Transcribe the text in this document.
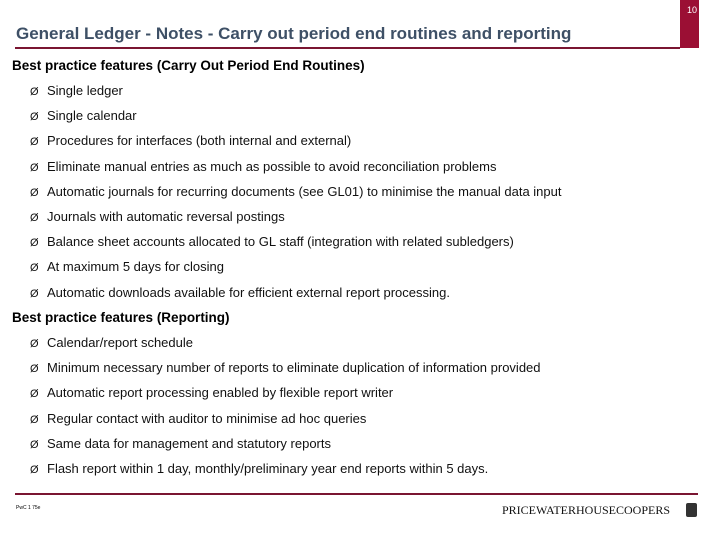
10
General Ledger - Notes - Carry out period end routines and reporting
Best practice features (Carry Out Period End Routines)
Ø Single ledger
Ø Single calendar
Ø Procedures for interfaces (both internal and external)
Ø Eliminate manual entries as much as possible to avoid reconciliation problems
Ø Automatic journals for recurring documents (see GL01) to minimise the manual data input
Ø Journals with automatic reversal postings
Ø Balance sheet accounts allocated to GL staff (integration with related subledgers)
Ø At maximum 5 days for closing
Ø Automatic downloads available for efficient external report processing.
Best practice features (Reporting)
Ø Calendar/report schedule
Ø Minimum necessary number of reports to eliminate duplication of information provided
Ø Automatic report processing enabled by flexible report writer
Ø Regular contact with auditor to minimise ad hoc queries
Ø Same data for management and statutory reports
Ø Flash report within 1 day, monthly/preliminary year end reports within 5 days.
PwC 1 75e	PRICEWATERHOUSECOOPERS
